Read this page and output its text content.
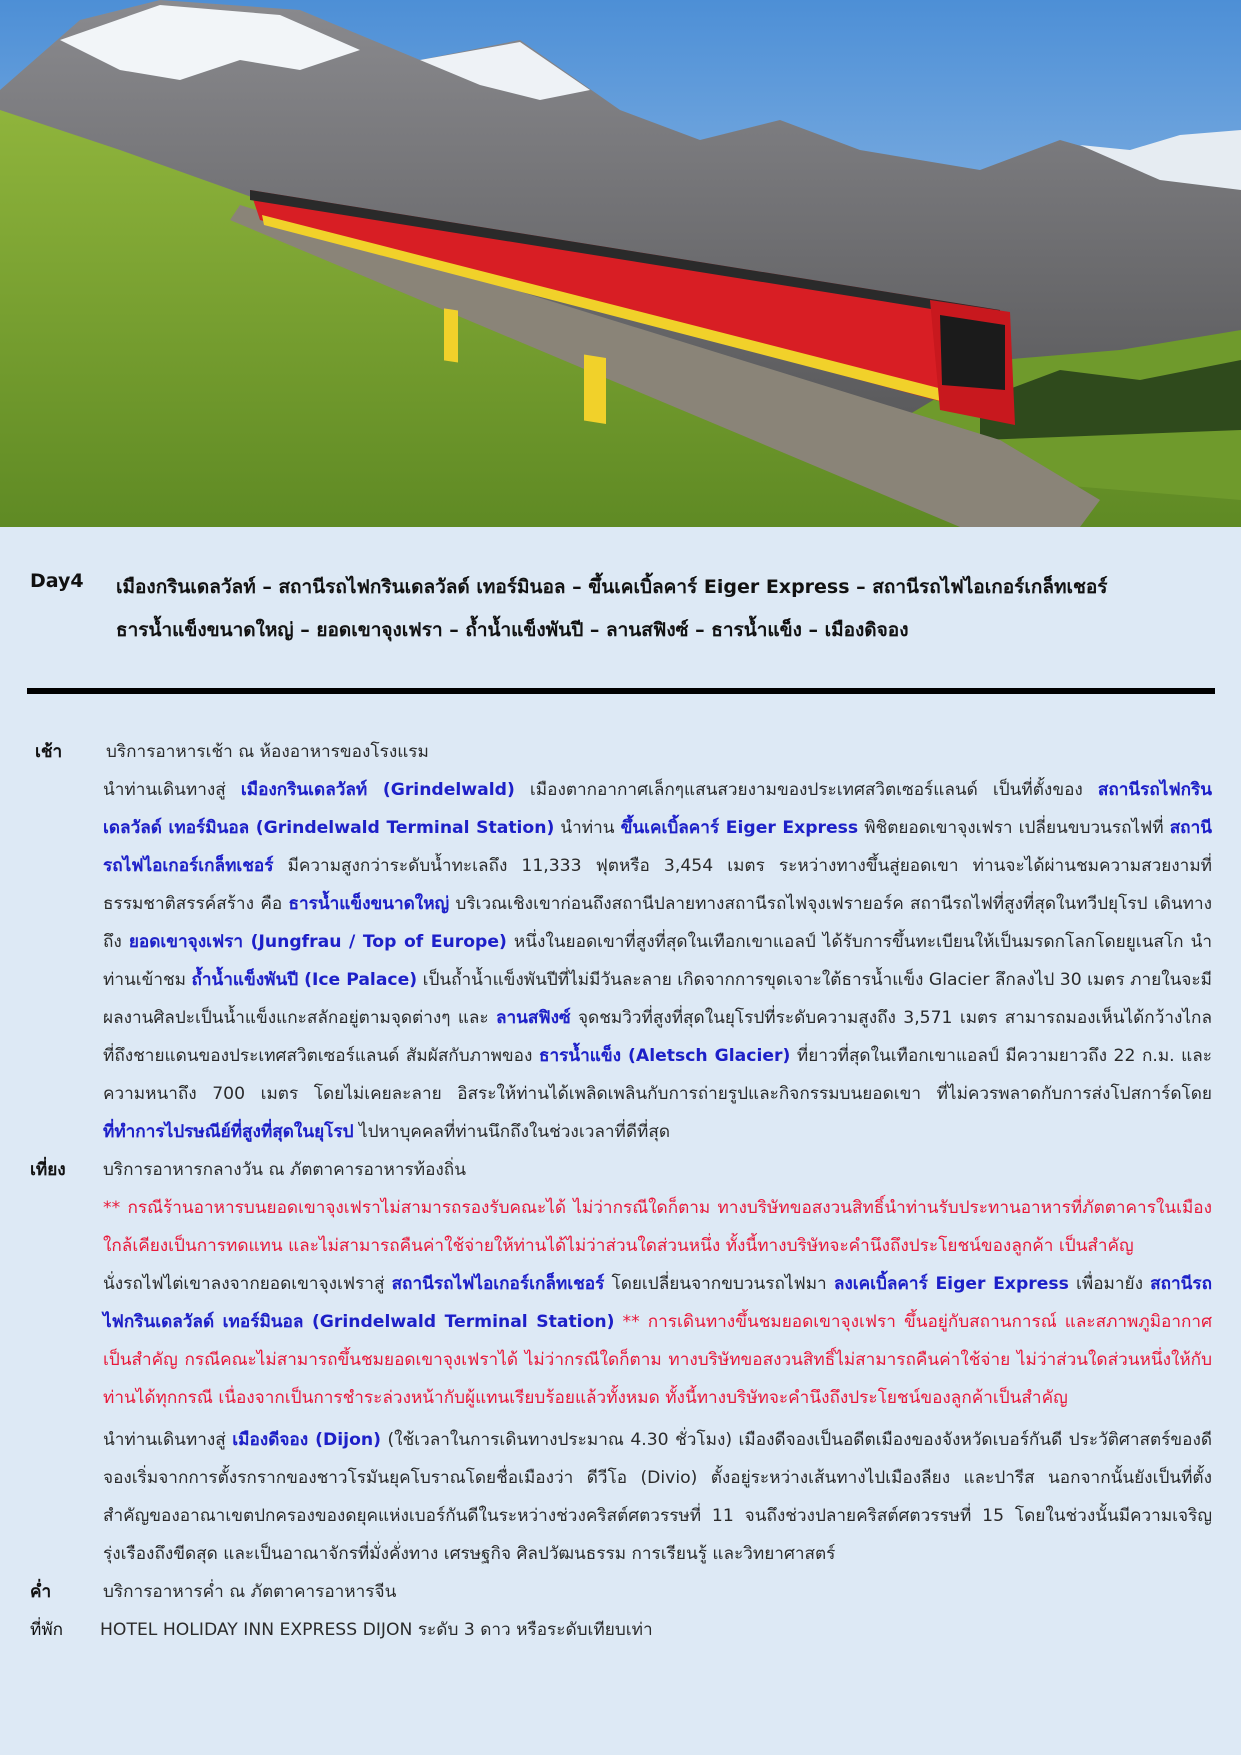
Day4 เมืองกรินเดลวัลท์ – สถานีรถไฟกรินเดลวัลด์ เทอร์มินอล – ขึ้นเคเบิ้ลคาร์ Eiger Express – สถานีรถไฟไอเกอร์เกล็ทเชอร์
ธารน้ำแข็งขนาดใหญ่ – ยอดเขาจุงเฟรา – ถ้ำน้ำแข็งพันปี – ลานสฟิงซ์ – ธารน้ำแข็ง – เมืองดิจอง
เช้า	บริการอาหารเช้า ณ ห้องอาหารของโรงแรม
นำท่านเดินทางสู่ เมืองกรินเดลวัลท์ (Grindelwald) เมืองตากอากาศเล็กๆแสนสวยงามของประเทศสวิตเซอร์แลนด์ เป็นที่ตั้งของ สถานีรถไฟกรินเดลวัลด์ เทอร์มินอล (Grindelwald Terminal Station) นำท่าน ขึ้นเคเบิ้ลคาร์ Eiger Express พิชิตยอดเขาจุงเฟรา เปลี่ยนขบวนรถไฟที่ สถานีรถไฟไอเกอร์เกล็ทเชอร์ มีความสูงกว่าระดับน้ำทะเลถึง 11,333 ฟุตหรือ 3,454 เมตร ระหว่างทางขึ้นสู่ยอดเขา ท่านจะได้ผ่านชมความสวยงามที่ธรรมชาติสรรค์สร้าง คือ ธารน้ำแข็งขนาดใหญ่ บริเวณเชิงเขาก่อนถึงสถานีปลายทางสถานีรถไฟจุงเฟรายอร์ค สถานีรถไฟที่สูงที่สุดในทวีปยุโรป เดินทางถึง ยอดเขาจุงเฟรา (Jungfrau / Top of Europe) หนึ่งในยอดเขาที่สูงที่สุดในเทือกเขาแอลป์ ได้รับการขึ้นทะเบียนให้เป็นมรดกโลกโดยยูเนสโก นำท่านเข้าชม ถ้ำน้ำแข็งพันปี (Ice Palace) เป็นถ้ำน้ำแข็งพันปีที่ไม่มีวันละลาย เกิดจากการขุดเจาะใต้ธารน้ำแข็ง Glacier ลึกลงไป 30 เมตร ภายในจะมีผลงานศิลปะเป็นน้ำแข็งแกะสลักอยู่ตามจุดต่างๆ และ ลานสฟิงซ์ จุดชมวิวที่สูงที่สุดในยุโรปที่ระดับความสูงถึง 3,571 เมตร สามารถมองเห็นได้กว้างไกลที่ถึงชายแดนของประเทศสวิตเซอร์แลนด์ สัมผัสกับภาพของ ธารน้ำแข็ง (Aletsch Glacier) ที่ยาวที่สุดในเทือกเขาแอลป์ มีความยาวถึง 22 ก.ม. และความหนาถึง 700 เมตร โดยไม่เคยละลาย อิสระให้ท่านได้เพลิดเพลินกับการถ่ายรูปและกิจกรรมบนยอดเขา ที่ไม่ควรพลาดกับการส่งโปสการ์ดโดย ที่ทำการไปรษณีย์ที่สูงที่สุดในยุโรป ไปหาบุคคลที่ท่านนึกถึงในช่วงเวลาที่ดีที่สุด
เที่ยง บริการอาหารกลางวัน ณ ภัตตาคารอาหารท้องถิ่น
** กรณีร้านอาหารบนยอดเขาจุงเฟราไม่สามารถรองรับคณะได้ ไม่ว่ากรณีใดก็ตาม ทางบริษัทขอสงวนสิทธิ์นำท่านรับประทานอาหารที่ภัตตาคารในเมืองใกล้เคียงเป็นการทดแทน และไม่สามารถคืนค่าใช้จ่ายให้ท่านได้ไม่ว่าส่วนใดส่วนหนึ่ง ทั้งนี้ทางบริษัทจะคำนึงถึงประโยชน์ของลูกค้า เป็นสำคัญ
นั่งรถไฟไต่เขาลงจากยอดเขาจุงเฟราสู่ สถานีรถไฟไอเกอร์เกล็ทเชอร์ โดยเปลี่ยนจากขบวนรถไฟมา ลงเคเบิ้ลคาร์ Eiger Express เพื่อมายัง สถานีรถไฟกรินเดลวัลด์ เทอร์มินอล (Grindelwald Terminal Station) ** การเดินทางขึ้นชมยอดเขาจุงเฟรา ขึ้นอยู่กับสถานการณ์ และสภาพภูมิอากาศเป็นสำคัญ กรณีคณะไม่สามารถขึ้นชมยอดเขาจุงเฟราได้ ไม่ว่ากรณีใดก็ตาม ทางบริษัทขอสงวนสิทธิ์ไม่สามารถคืนค่าใช้จ่าย ไม่ว่าส่วนใดส่วนหนึ่งให้กับท่านได้ทุกกรณี เนื่องจากเป็นการชำระล่วงหน้ากับผู้แทนเรียบร้อยแล้วทั้งหมด ทั้งนี้ทางบริษัทจะคำนึงถึงประโยชน์ของลูกค้าเป็นสำคัญ
นำท่านเดินทางสู่ เมืองดีจอง (Dijon) (ใช้เวลาในการเดินทางประมาณ 4.30 ชั่วโมง) เมืองดีจองเป็นอดีตเมืองของจังหวัดเบอร์กันดี ประวัติศาสตร์ของดีจองเริ่มจากการตั้งรกรากของชาวโรมันยุคโบราณโดยชื่อเมืองว่า ดีวีโอ (Divio) ตั้งอยู่ระหว่างเส้นทางไปเมืองลียง และปารีส นอกจากนั้นยังเป็นที่ตั้งสำคัญของอาณาเขตปกครองของดยุคแห่งเบอร์กันดีในระหว่างช่วงคริสต์ศตวรรษที่ 11 จนถึงช่วงปลายคริสต์ศตวรรษที่ 15 โดยในช่วงนั้นมีความเจริญรุ่งเรืองถึงขีดสุด และเป็นอาณาจักรที่มั่งคั่งทาง เศรษฐกิจ ศิลปวัฒนธรรม การเรียนรู้ และวิทยาศาสตร์
ค่ำ	บริการอาหารค่ำ ณ ภัตตาคารอาหารจีน
ที่พัก HOTEL HOLIDAY INN EXPRESS DIJON ระดับ 3 ดาว หรือระดับเทียบเท่า
